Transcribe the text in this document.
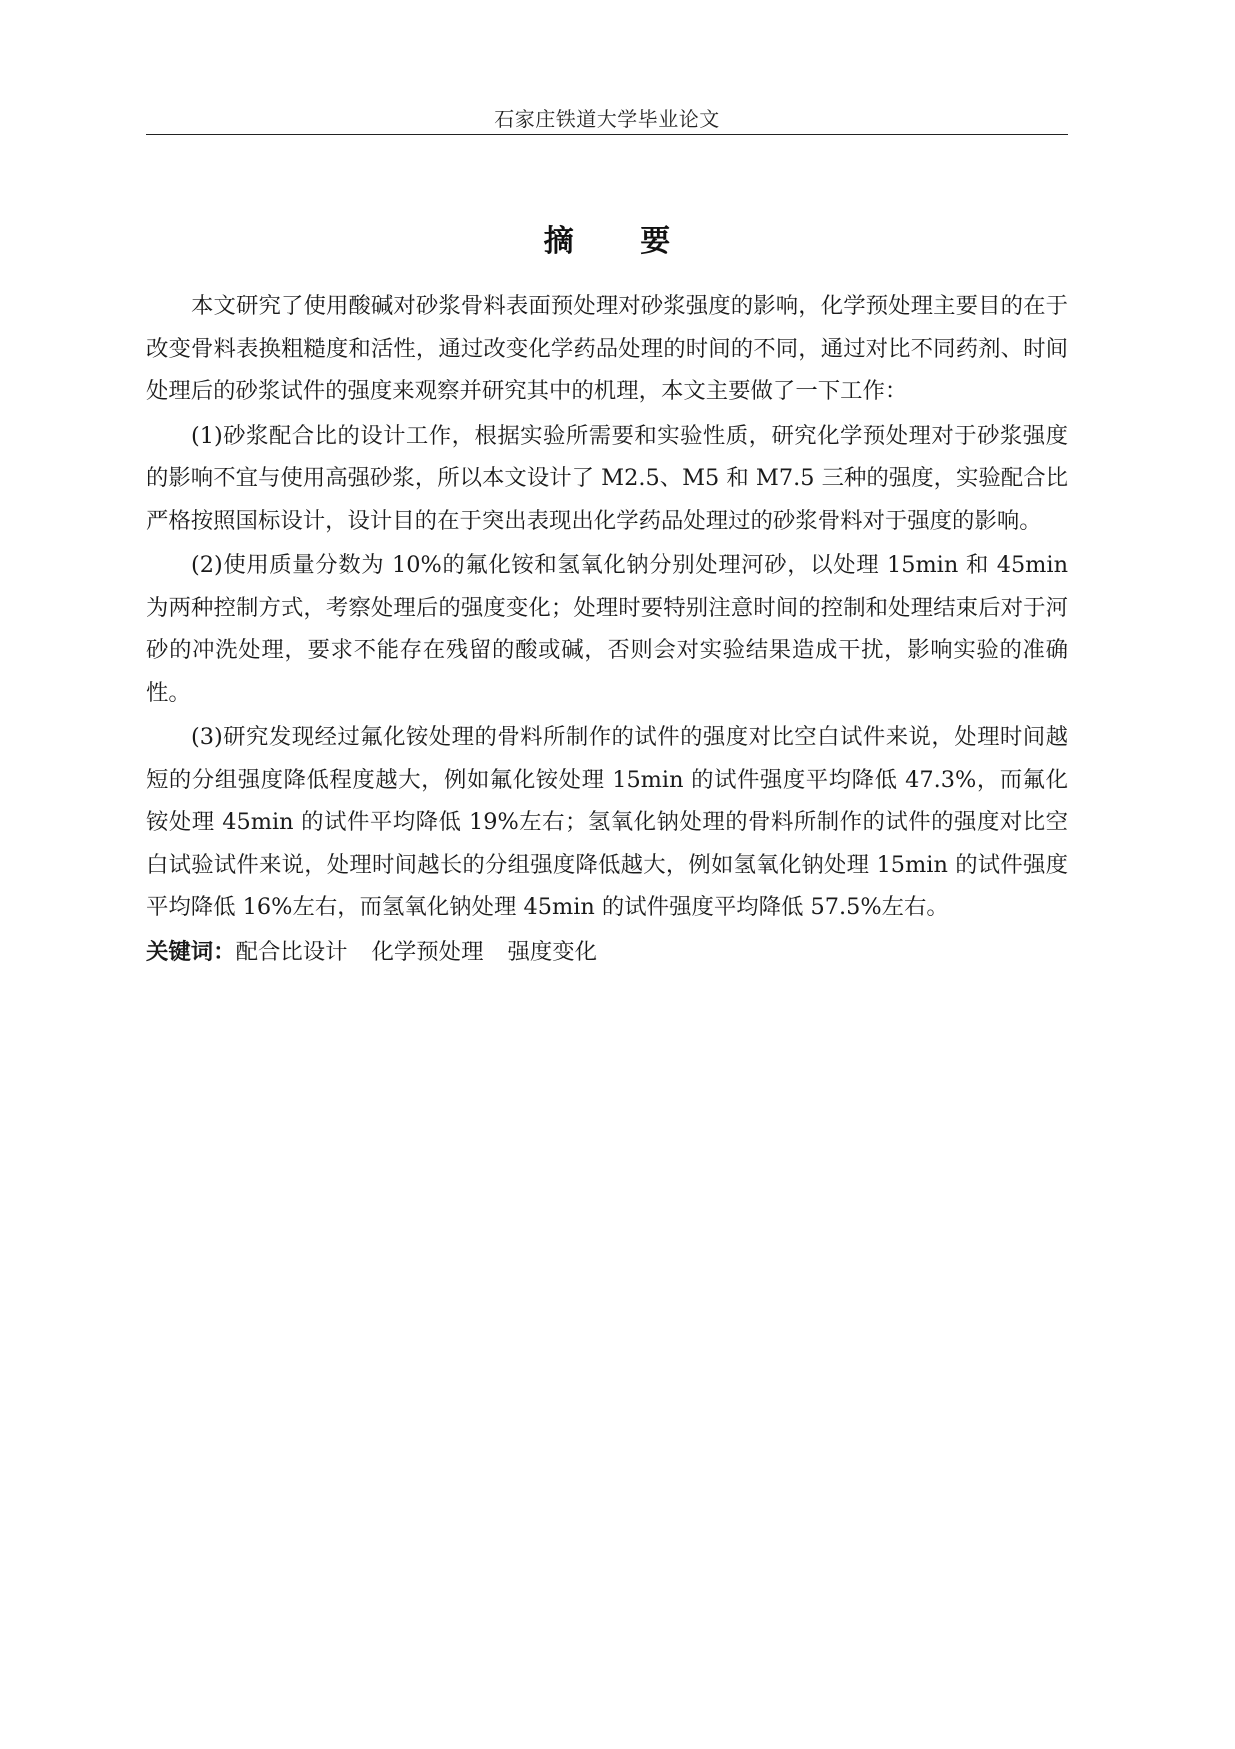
石家庄铁道大学毕业论文
摘 要

本文研究了使用酸碱对砂浆骨料表面预处理对砂浆强度的影响，化学预处理主要目的在于改变骨料表换粗糙度和活性，通过改变化学药品处理的时间的不同，通过对比不同药剂、时间处理后的砂浆试件的强度来观察并研究其中的机理，本文主要做了一下工作：

(1)砂浆配合比的设计工作，根据实验所需要和实验性质，研究化学预处理对于砂浆强度的影响不宜与使用高强砂浆，所以本文设计了 M2.5、M5 和 M7.5 三种的强度，实验配合比严格按照国标设计，设计目的在于突出表现出化学药品处理过的砂浆骨料对于强度的影响。

(2)使用质量分数为 10%的氟化铵和氢氧化钠分别处理河砂，以处理 15min 和 45min 为两种控制方式，考察处理后的强度变化；处理时要特别注意时间的控制和处理结束后对于河砂的冲洗处理，要求不能存在残留的酸或碱，否则会对实验结果造成干扰，影响实验的准确性。

(3)研究发现经过氟化铵处理的骨料所制作的试件的强度对比空白试件来说，处理时间越短的分组强度降低程度越大，例如氟化铵处理 15min 的试件强度平均降低 47.3%，而氟化铵处理 45min 的试件平均降低 19%左右；氢氧化钠处理的骨料所制作的试件的强度对比空白试验试件来说，处理时间越长的分组强度降低越大，例如氢氧化钠处理 15min 的试件强度平均降低 16%左右，而氢氧化钠处理 45min 的试件强度平均降低 57.5%左右。

关键词：配合比设计 化学预处理 强度变化
